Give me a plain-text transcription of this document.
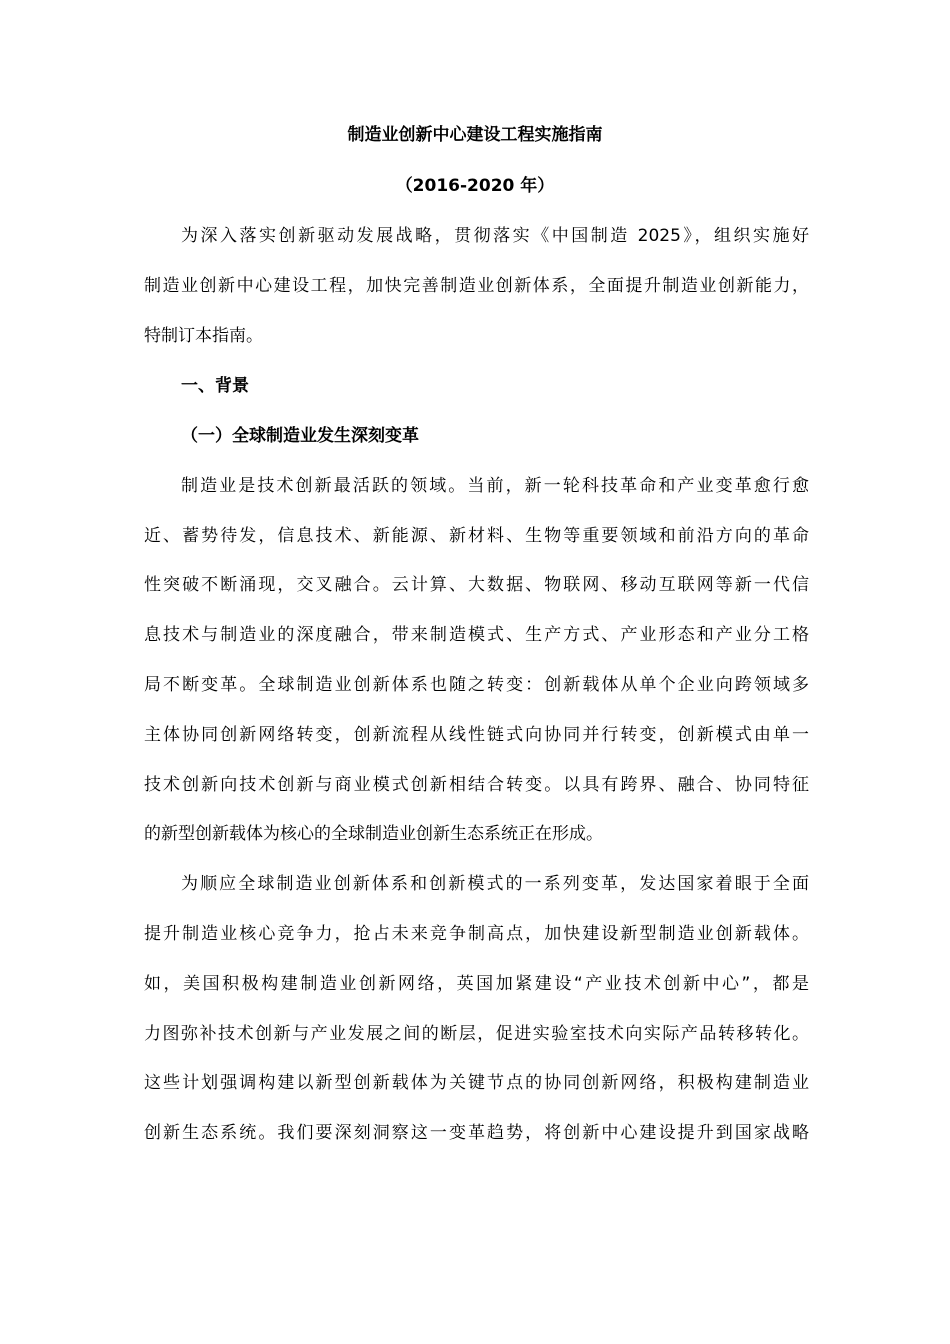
制造业创新中心建设工程实施指南
（2016-2020 年）
为深入落实创新驱动发展战略，贯彻落实《中国制造 2025》，组织实施好
制造业创新中心建设工程，加快完善制造业创新体系，全面提升制造业创新能力，
特制订本指南。
一、背景
（一）全球制造业发生深刻变革
制造业是技术创新最活跃的领域。当前，新一轮科技革命和产业变革愈行愈
近、蓄势待发，信息技术、新能源、新材料、生物等重要领域和前沿方向的革命
性突破不断涌现，交叉融合。云计算、大数据、物联网、移动互联网等新一代信
息技术与制造业的深度融合，带来制造模式、生产方式、产业形态和产业分工格
局不断变革。全球制造业创新体系也随之转变：创新载体从单个企业向跨领域多
主体协同创新网络转变，创新流程从线性链式向协同并行转变，创新模式由单一
技术创新向技术创新与商业模式创新相结合转变。以具有跨界、融合、协同特征
的新型创新载体为核心的全球制造业创新生态系统正在形成。
为顺应全球制造业创新体系和创新模式的一系列变革，发达国家着眼于全面
提升制造业核心竞争力，抢占未来竞争制高点，加快建设新型制造业创新载体。
如，美国积极构建制造业创新网络，英国加紧建设“产业技术创新中心”，都是
力图弥补技术创新与产业发展之间的断层，促进实验室技术向实际产品转移转化。
这些计划强调构建以新型创新载体为关键节点的协同创新网络，积极构建制造业
创新生态系统。我们要深刻洞察这一变革趋势，将创新中心建设提升到国家战略
